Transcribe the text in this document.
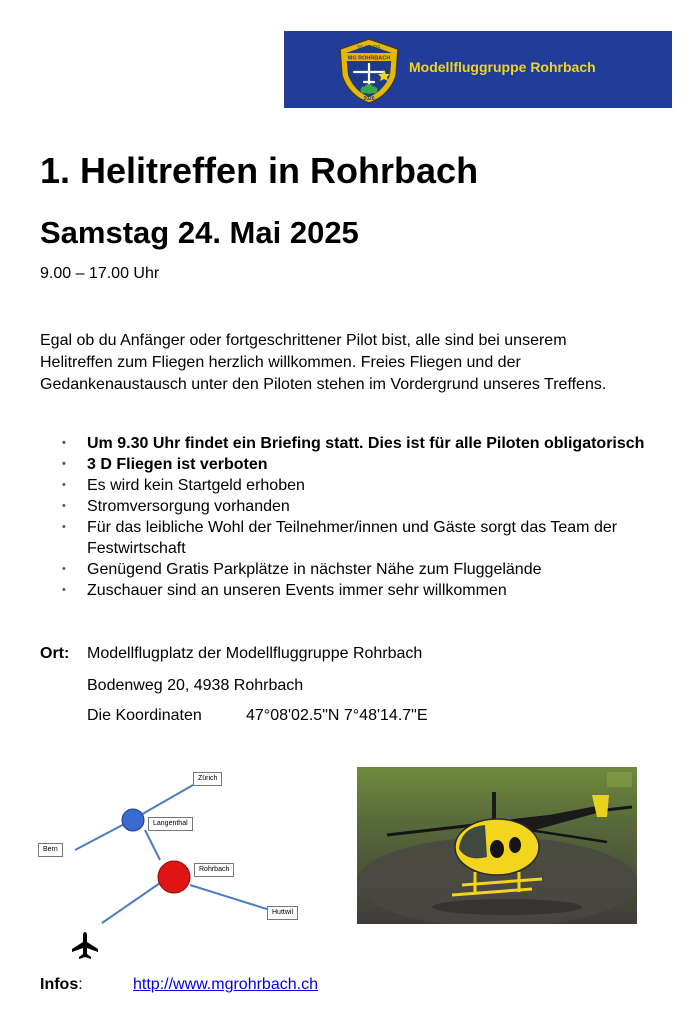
50 JAHRE
MG ROHRBACH
2020
Modellfluggruppe Rohrbach
1. Helitreffen in Rohrbach
Samstag 24. Mai 2025
9.00 – 17.00 Uhr

Egal ob du Anfänger oder fortgeschrittener Pilot bist, alle sind bei unserem Helitreffen zum Fliegen herzlich willkommen. Freies Fliegen und der Gedankenaustausch unter den Piloten stehen im Vordergrund unseres Treffens.

• Um 9.30 Uhr findet ein Briefing statt. Dies ist für alle Piloten obligatorisch
• 3 D Fliegen ist verboten
• Es wird kein Startgeld erhoben
• Stromversorgung vorhanden
• Für das leibliche Wohl der Teilnehmer/innen und Gäste sorgt das Team der Festwirtschaft
• Genügend Gratis Parkplätze in nächster Nähe zum Fluggelände
• Zuschauer sind an unseren Events immer sehr willkommen
Ort: Modellflugplatz der Modellfluggruppe Rohrbach
Bodenweg 20, 4938 Rohrbach
Die Koordinaten	47°08'02.5"N 7°48'14.7"E
Zürich
Langenthal
Bern
Rohrbach
Huttwil
Infos:	http://www.mgrohrbach.ch
